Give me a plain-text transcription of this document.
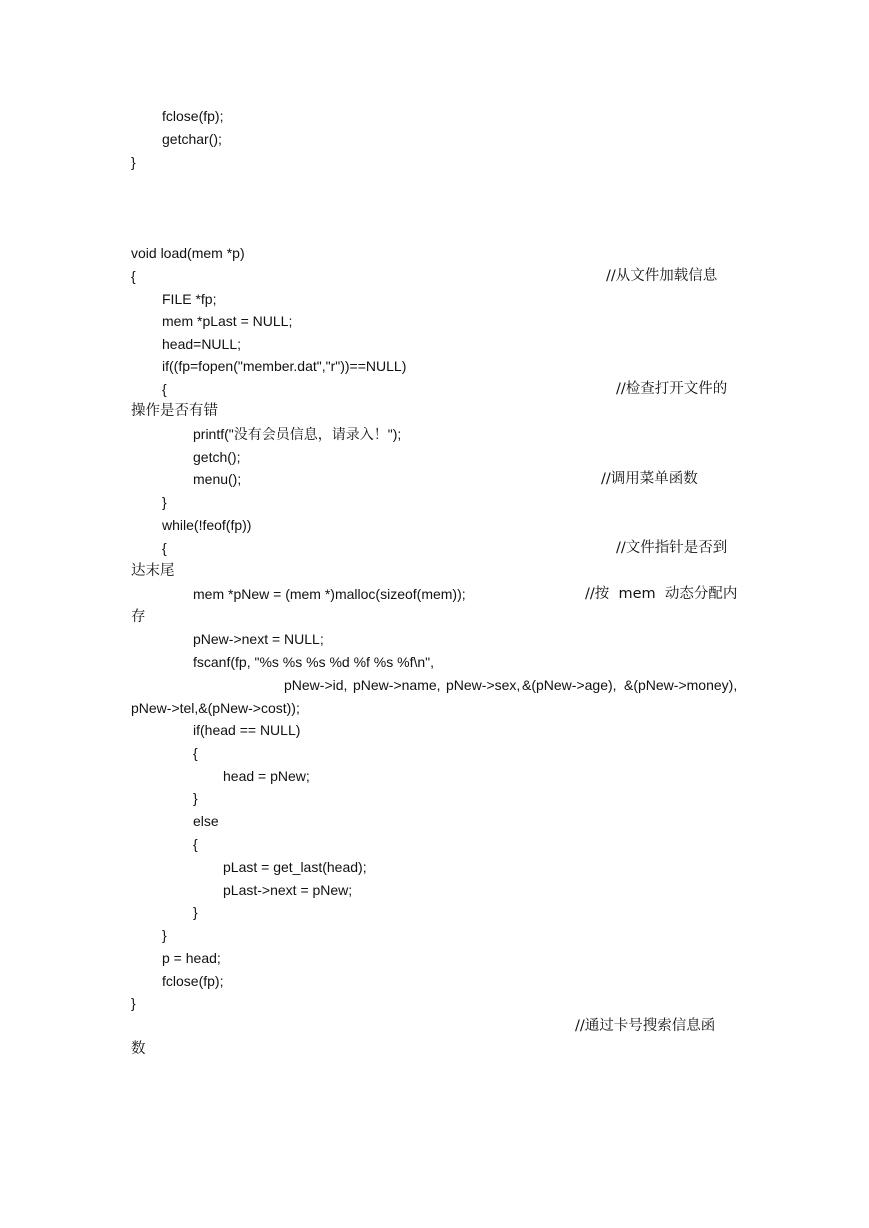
fclose(fp);
getchar();
}
void load(mem *p)
{	//从文件加载信息
FILE *fp;
mem *pLast = NULL;
head=NULL;
if((fp=fopen("member.dat","r"))==NULL)
{	//检查打开文件的
操作是否有错
printf("没有会员信息，请录入！");
getch();
menu();	//调用菜单函数
}
while(!feof(fp))
{	//文件指针是否到
达末尾
mem *pNew = (mem *)malloc(sizeof(mem));	//按  mem  动态分配内
存
pNew->next = NULL;
fscanf(fp, "%s %s %s %d %f %s %f\n",
pNew->id, pNew->name, pNew->sex, &(pNew->age), &(pNew->money),
pNew->tel,&(pNew->cost));
if(head == NULL)
{
head = pNew;
}
else
{
pLast = get_last(head);
pLast->next = pNew;
}
}
p = head;
fclose(fp);
}
//通过卡号搜索信息函
数
